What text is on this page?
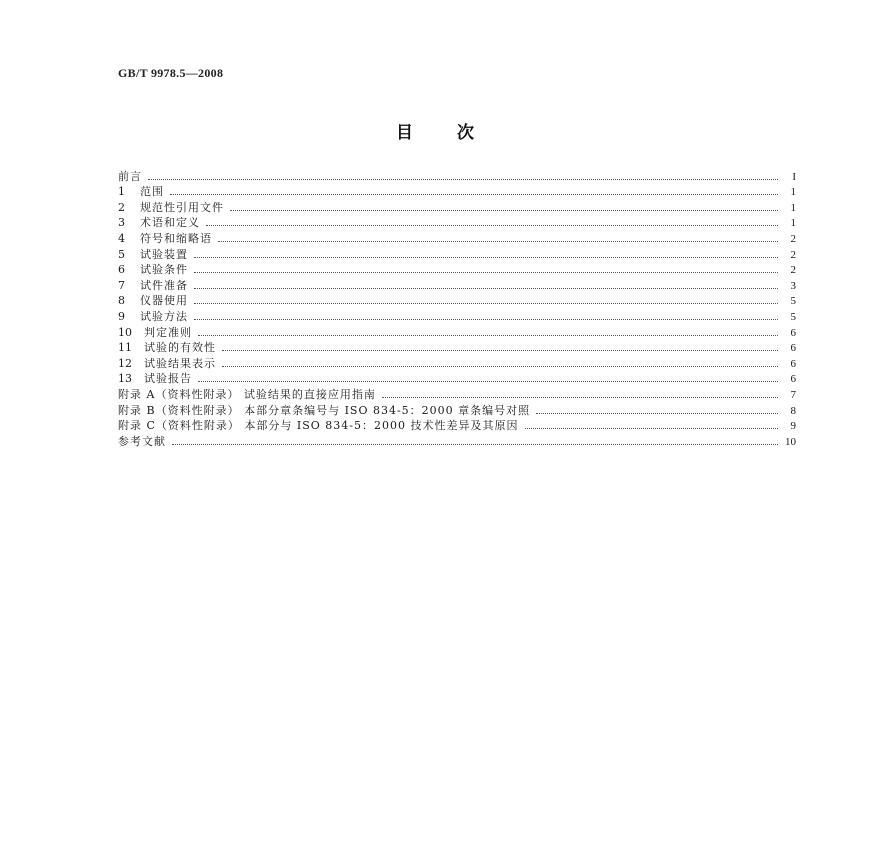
GB/T 9978.5—2008
目次
前言	I
1 范围	1
2 规范性引用文件	1
3 术语和定义	1
4 符号和缩略语	2
5 试验装置	2
6 试验条件	2
7 试件准备	3
8 仪器使用	5
9 试验方法	5
10 判定准则	6
11 试验的有效性	6
12 试验结果表示	6
13 试验报告	6
附录 A（资料性附录） 试验结果的直接应用指南	7
附录 B（资料性附录） 本部分章条编号与 ISO 834-5：2000 章条编号对照	8
附录 C（资料性附录） 本部分与 ISO 834-5：2000 技术性差异及其原因	9
参考文献	10
